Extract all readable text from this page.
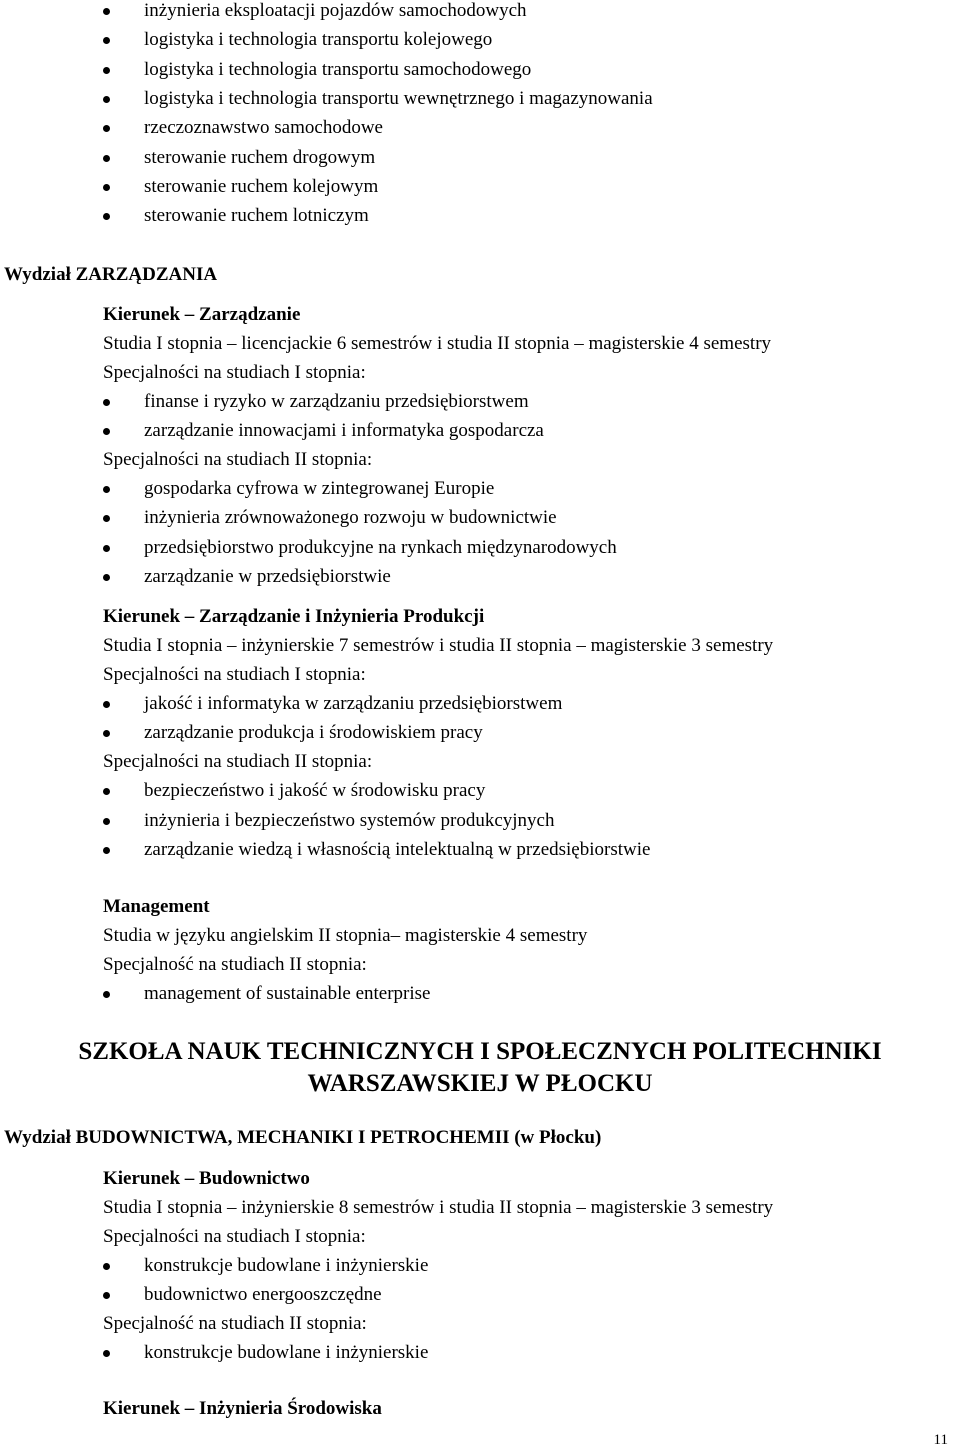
inżynieria eksploatacji pojazdów samochodowych
logistyka i technologia transportu kolejowego
logistyka i technologia transportu samochodowego
logistyka i technologia transportu wewnętrznego i magazynowania
rzeczoznawstwo samochodowe
sterowanie ruchem drogowym
sterowanie ruchem kolejowym
sterowanie ruchem lotniczym
Wydział ZARZĄDZANIA
Kierunek – Zarządzanie
Studia I stopnia – licencjackie 6 semestrów i studia II stopnia – magisterskie 4 semestry
Specjalności na studiach I stopnia:
finanse i ryzyko w zarządzaniu przedsiębiorstwem
zarządzanie innowacjami i informatyka gospodarcza
Specjalności na studiach II stopnia:
gospodarka cyfrowa w zintegrowanej Europie
inżynieria zrównoważonego rozwoju w budownictwie
przedsiębiorstwo produkcyjne na rynkach międzynarodowych
zarządzanie w przedsiębiorstwie
Kierunek – Zarządzanie i Inżynieria Produkcji
Studia I stopnia – inżynierskie 7 semestrów i studia II stopnia – magisterskie 3 semestry
Specjalności na studiach I stopnia:
jakość i informatyka w zarządzaniu przedsiębiorstwem
zarządzanie produkcja i środowiskiem pracy
Specjalności na studiach II stopnia:
bezpieczeństwo i jakość w środowisku pracy
inżynieria i bezpieczeństwo systemów produkcyjnych
zarządzanie wiedzą i własnością intelektualną w przedsiębiorstwie
Management
Studia w języku angielskim II stopnia– magisterskie 4 semestry
Specjalność na studiach II stopnia:
management of sustainable enterprise
SZKOŁA NAUK TECHNICZNYCH I SPOŁECZNYCH POLITECHNIKI
WARSZAWSKIEJ W PŁOCKU
Wydział BUDOWNICTWA, MECHANIKI I PETROCHEMII (w Płocku)
Kierunek – Budownictwo
Studia I stopnia – inżynierskie 8 semestrów i studia II stopnia – magisterskie 3 semestry
Specjalności na studiach I stopnia:
konstrukcje budowlane i inżynierskie
budownictwo energooszczędne
Specjalność na studiach II stopnia:
konstrukcje budowlane i inżynierskie
Kierunek – Inżynieria Środowiska
11
